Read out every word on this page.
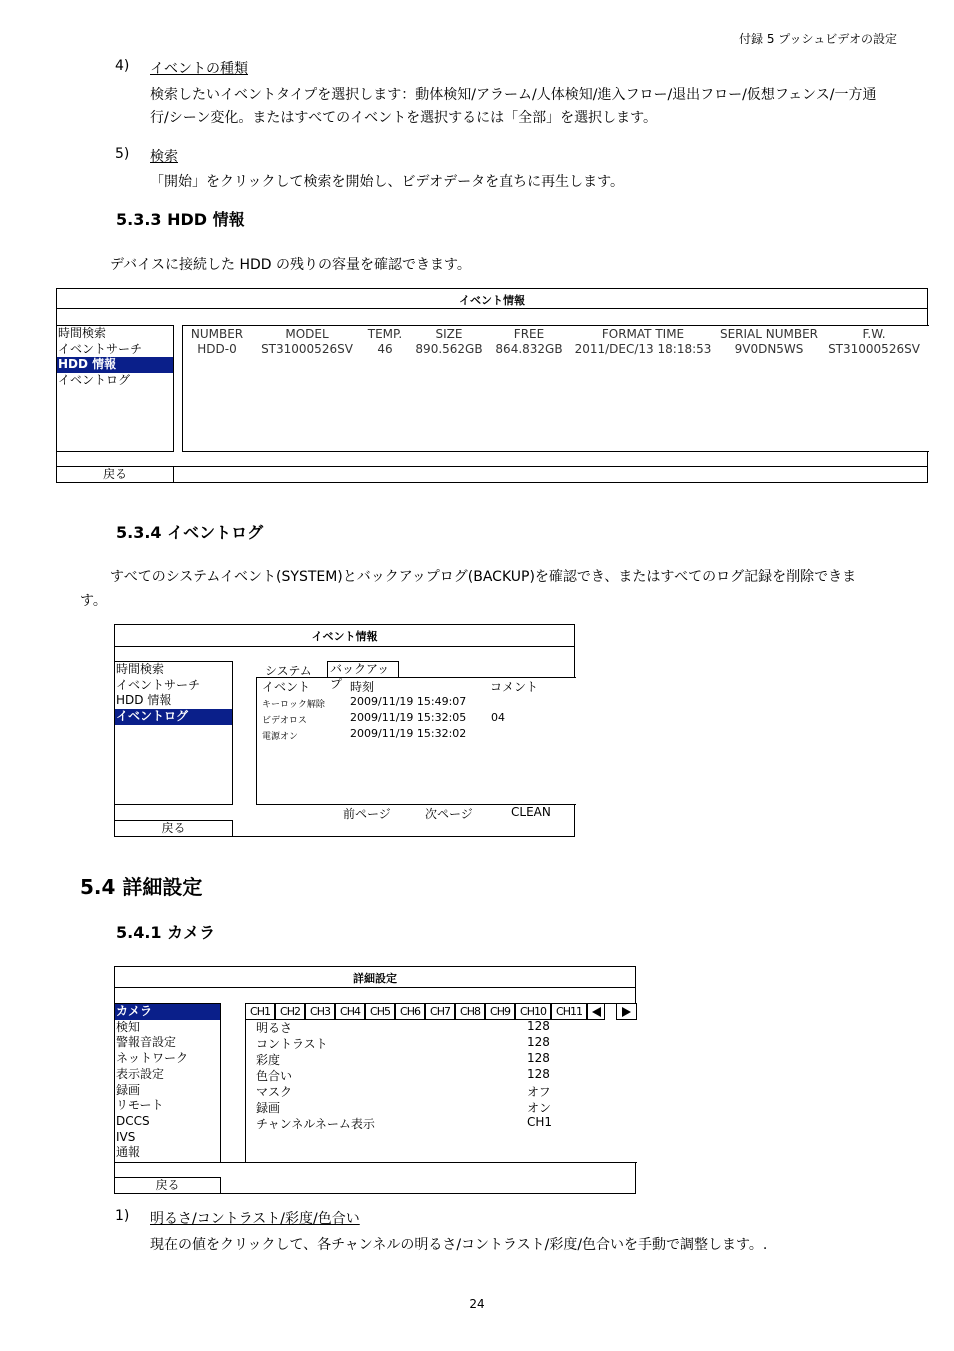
付録 5 プッシュビデオの設定
4) イベントの種類
検索したいイベントタイプを選択します：動体検知/アラーム/人体検知/進入フロー/退出フロー/仮想フェンス/一方通
行/シーン変化。またはすべてのイベントを選択するには「全部」を選択します。
5) 検索
「開始」をクリックして検索を開始し、ビデオデータを直ちに再生します。
5.3.3 HDD 情報
デバイスに接続した HDD の残りの容量を確認できます。
イベント情報
時間検索
イベントサーチ
HDD 情報
イベントログ
NUMBER	MODEL	TEMP.	SIZE	FREE	FORMAT TIME	SERIAL NUMBER	F.W.
HDD-0	ST31000526SV	46	890.562GB	864.832GB	2011/DEC/13 18:18:53	9V0DN5WS	ST31000526SV
戻る
5.3.4 イベントログ
すべてのシステムイベント(SYSTEM)とバックアップログ(BACKUP)を確認でき、またはすべてのログ記録を削除できま
す。
イベント情報
時間検索
イベントサーチ
HDD 情報
イベントログ
システム バックアップ
イベント	時刻	コメント
キーロック解除 2009/11/19 15:49:07
ビデオロス	2009/11/19 15:32:05 04
電源オン	2009/11/19 15:32:02
前ページ	次ページ	CLEAN
戻る
5.4 詳細設定
5.4.1 カメラ
詳細設定
カメラ
検知
警報音設定
ネットワーク
表示設定
録画
リモート
DCCS
IVS
通報
CH1 CH2 CH3 CH4 CH5 CH6 CH7 CH8 CH9 CH10 CH11
明るさ	128
コントラスト	128
彩度	128
色合い	128
マスク	オフ
録画	オン
チャンネルネーム表示	CH1
戻る
1) 明るさ/コントラスト/彩度/色合い
現在の値をクリックして、各チャンネルの明るさ/コントラスト/彩度/色合いを手動で調整します。.
24
